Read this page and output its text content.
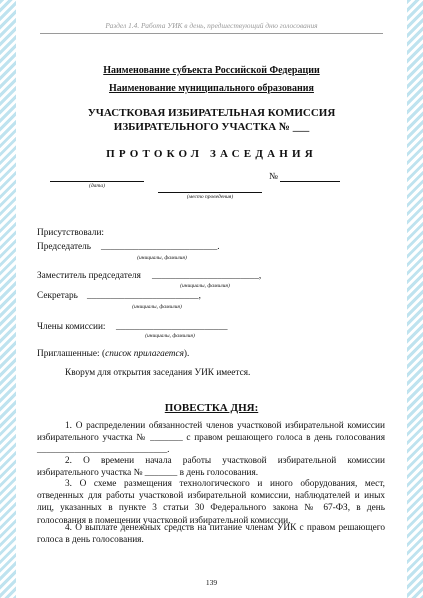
Раздел 1.4. Работа УИК в день, предшествующий дню голосования
Наименование субъекта Российской Федерации
Наименование муниципального образования
УЧАСТКОВАЯ ИЗБИРАТЕЛЬНАЯ КОМИССИЯ
ИЗБИРАТЕЛЬНОГО УЧАСТКА № ___
ПРОТОКОЛ ЗАСЕДАНИЯ
(дата)
№
(место проведения)
Присутствовали:
Председатель _________________________.
(инициалы, фамилия)
Заместитель председателя _______________________,
(инициалы, фамилия)
Секретарь ________________________,
(инициалы, фамилия)
Члены комиссии: ________________________
(инициалы, фамилия)
Приглашенные: (список прилагается).
Кворум для открытия заседания УИК имеется.
ПОВЕСТКА ДНЯ:
1. О распределении обязанностей членов участковой избирательной комиссии избирательного участка № _______ с правом решающего голоса в день голосования ____________________________.
2. О времени начала работы участковой избирательной комиссии избирательного участка № _______ в день голосования.
3. О схеме размещения технологического и иного оборудования, мест, отведенных для работы участковой избирательной комиссии, наблюдателей и иных лиц, указанных в пункте 3 статьи 30 Федерального закона № 67-ФЗ, в день голосования в помещении участковой избирательной комиссии.
4. О выплате денежных средств на питание членам УИК с правом решающего голоса в день голосования.
139
